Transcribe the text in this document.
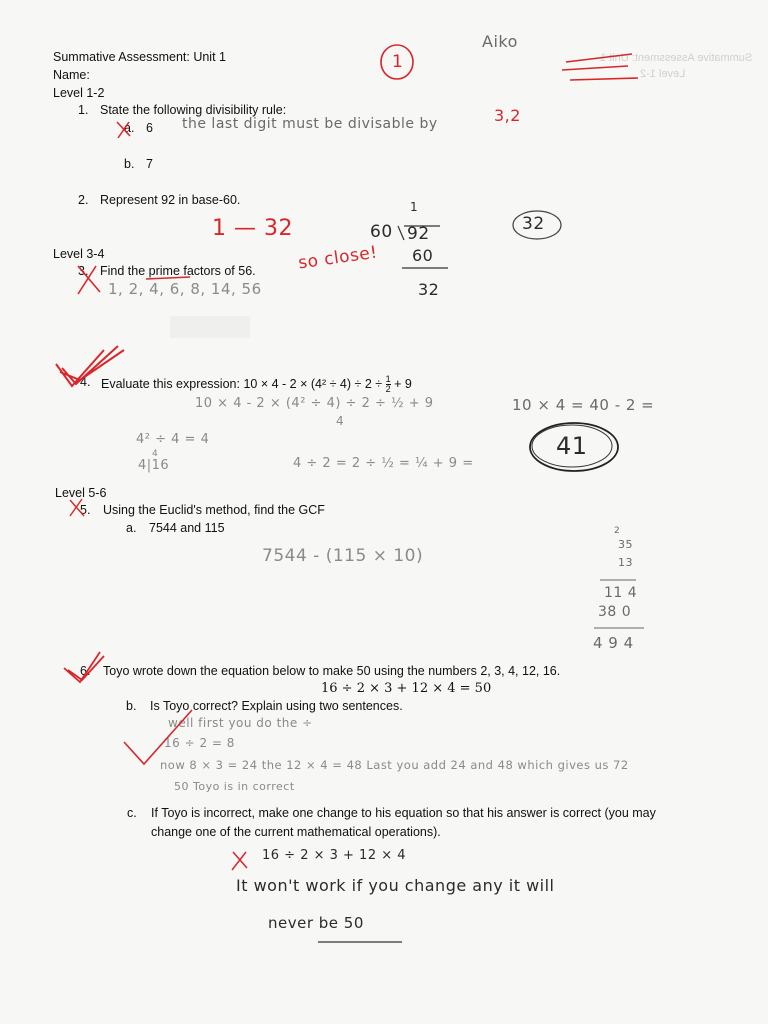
Summative Assessment: Unit 1
Level 1-2
Summative Assessment: Unit 1
Name:
Aiko
1
Level 1-2
1. State the following divisibility rule:
a. 6 the last digit must be divisable by	3,2
b. 7
2. Represent 92 in base-60.
1 — 32
so close!
1
60 92
60
32
32
Level 3-4
3. Find the prime factors of 56.
1, 2, 4, 6, 8, 14, 56
4. Evaluate this expression: $10 \times 4 - 2 \times (4^2 \div 4) \div 2 \div \frac{1}{2} + 9$
10 × 4 - 2 × (4² ÷ 4) ÷ 2 ÷ ½ + 9
4
4² ÷ 4 = 4
4
4|16	4 ÷ 2 = 2 ÷ ½ = ¼ + 9 =
10 × 4 = 40 - 2 =
41
Level 5-6
5. Using the Euclid's method, find the GCF
a. 7544 and 115
7544 - (115 × 10)
2
35
13
11 4
38 0
4 9 4
6. Toyo wrote down the equation below to make 50 using the numbers 2, 3, 4, 12, 16.
16 ÷ 2 × 3 + 12 × 4 = 50
b. Is Toyo correct? Explain using two sentences.
well first you do the ÷
16 ÷ 2 = 8
now 8 × 3 = 24 the 12 × 4 = 48 Last you add 24 and 48 which gives us 72
50 Toyo is in correct
c. If Toyo is incorrect, make one change to his equation so that his answer is correct (you may
change one of the current mathematical operations).
16 ÷ 2 × 3 + 12 × 4
It won't work if you change any it will
never be 50
